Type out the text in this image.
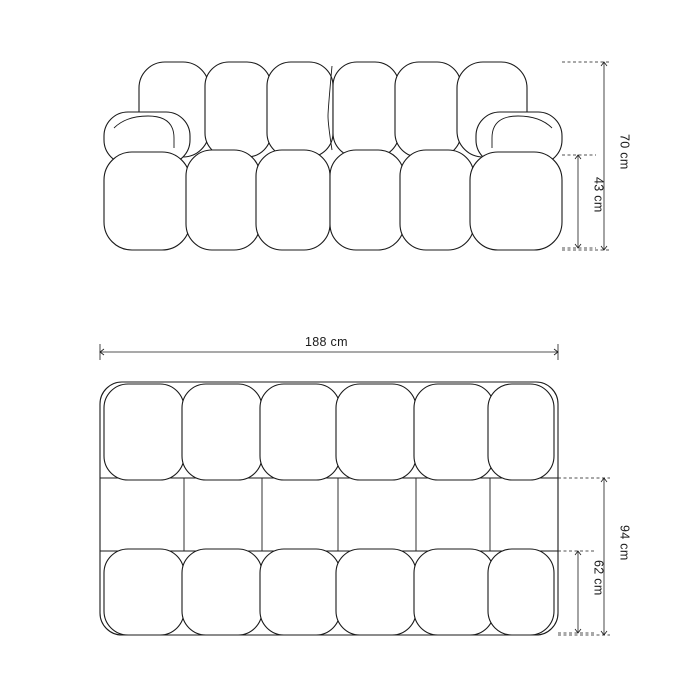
70 cm
43 cm
188 cm
94 cm
62 cm
